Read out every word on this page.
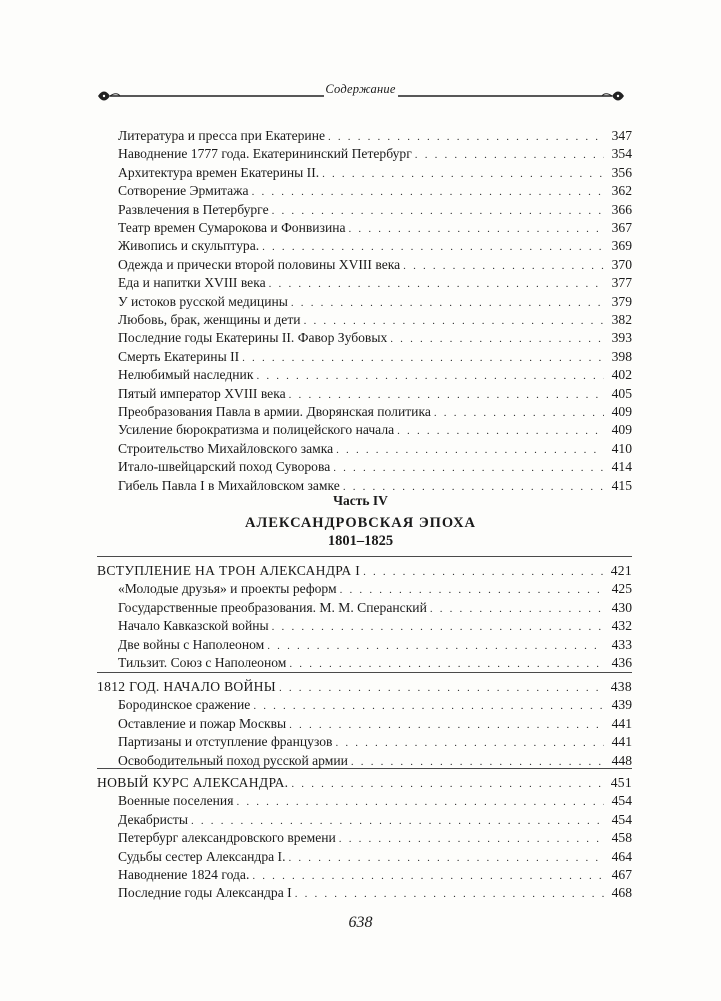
Содержание
Литература и пресса при Екатерине . . .	347
Наводнение 1777 года. Екатерининский Петербург . . .	354
Архитектура времен Екатерины II. . . .	356
Сотворение Эрмитажа . . .	362
Развлечения в Петербурге . . .	366
Театр времен Сумарокова и Фонвизина . . .	367
Живопись и скульптура. . . .	369
Одежда и прически второй половины XVIII века . . .	370
Еда и напитки XVIII века . . .	377
У истоков русской медицины . . .	379
Любовь, брак, женщины и дети . . .	382
Последние годы Екатерины II. Фавор Зубовых . . .	393
Смерть Екатерины II . . .	398
Нелюбимый наследник . . .	402
Пятый император XVIII века . . .	405
Преобразования Павла в армии. Дворянская политика . . .	409
Усиление бюрократизма и полицейского начала . . .	409
Строительство Михайловского замка . . .	410
Итало-швейцарский поход Суворова . . .	414
Гибель Павла I в Михайловском замке . . .	415
ВСТУПЛЕНИЕ НА ТРОН АЛЕКСАНДРА I . . .	421
«Молодые друзья» и проекты реформ . . .	425
Государственные преобразования. М. М. Сперанский . . .	430
Начало Кавказской войны . . .	432
Две войны с Наполеоном . . .	433
Тильзит. Союз с Наполеоном . . .	436
1812 ГОД. НАЧАЛО ВОЙНЫ . . .	438
Бородинское сражение . . .	439
Оставление и пожар Москвы . . .	441
Партизаны и отступление французов . . .	441
Освободительный поход русской армии . . .	448
НОВЫЙ КУРС АЛЕКСАНДРА. . . .	451
Военные поселения . . .	454
Декабристы . . .	454
Петербург александровского времени . . .	458
Судьбы сестер Александра I. . . .	464
Наводнение 1824 года. . . .	467
Последние годы Александра I . . .	468
Часть IV
АЛЕКСАНДРОВСКАЯ ЭПОХА
1801–1825
638
